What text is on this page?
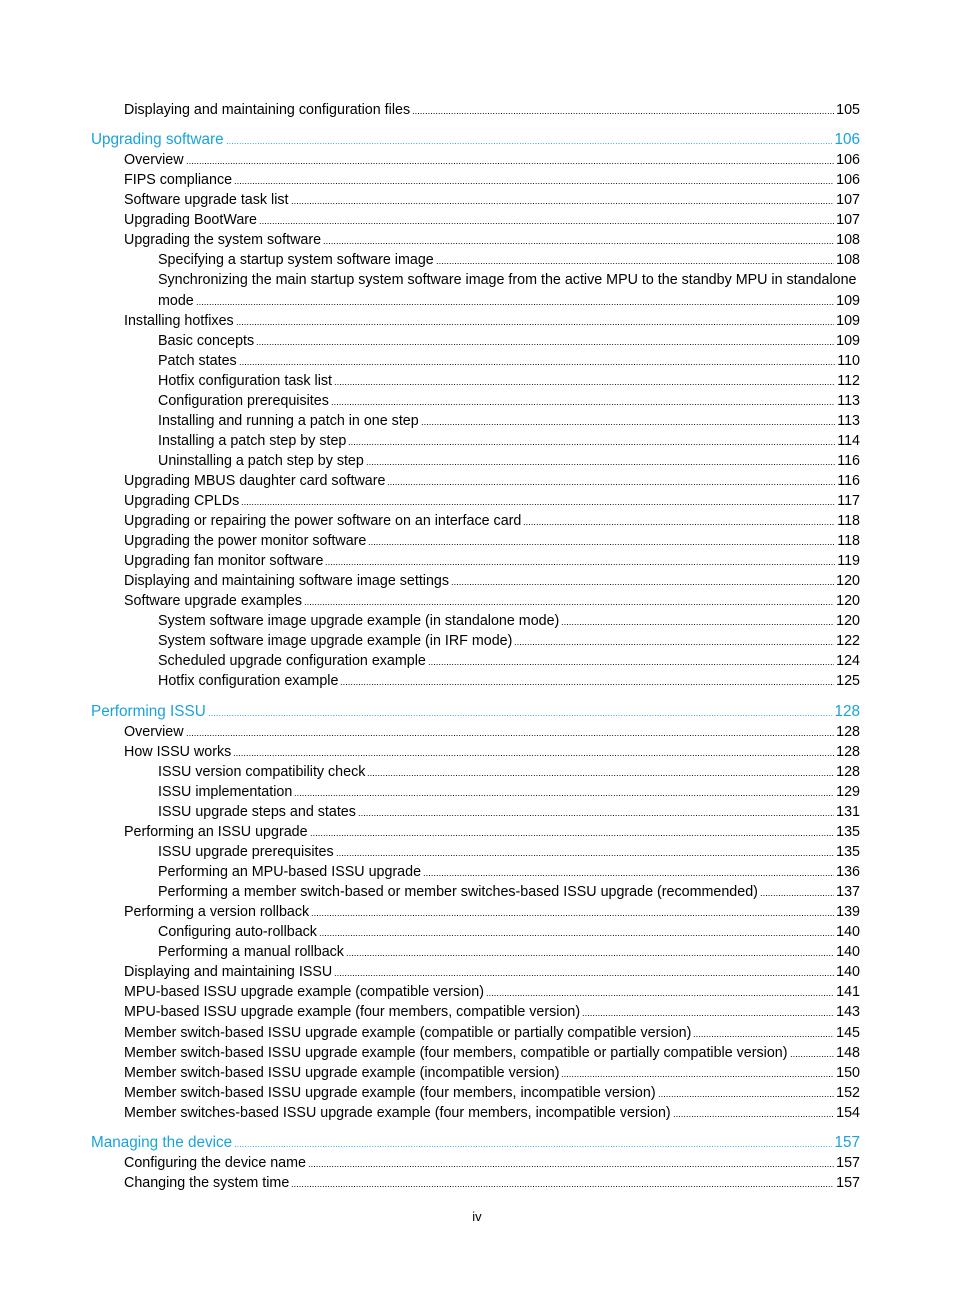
Displaying and maintaining configuration files	105
Upgrading software	106
Overview	106
FIPS compliance	106
Software upgrade task list	107
Upgrading BootWare	107
Upgrading the system software	108
Specifying a startup system software image	108
Synchronizing the main startup system software image from the active MPU to the standby MPU in standalone
mode	109
Installing hotfixes	109
Basic concepts	109
Patch states	110
Hotfix configuration task list	112
Configuration prerequisites	113
Installing and running a patch in one step	113
Installing a patch step by step	114
Uninstalling a patch step by step	116
Upgrading MBUS daughter card software	116
Upgrading CPLDs	117
Upgrading or repairing the power software on an interface card	118
Upgrading the power monitor software	118
Upgrading fan monitor software	119
Displaying and maintaining software image settings	120
Software upgrade examples	120
System software image upgrade example (in standalone mode)	120
System software image upgrade example (in IRF mode)	122
Scheduled upgrade configuration example	124
Hotfix configuration example	125
Performing ISSU	128
Overview	128
How ISSU works	128
ISSU version compatibility check	128
ISSU implementation	129
ISSU upgrade steps and states	131
Performing an ISSU upgrade	135
ISSU upgrade prerequisites	135
Performing an MPU-based ISSU upgrade	136
Performing a member switch-based or member switches-based ISSU upgrade (recommended)	137
Performing a version rollback	139
Configuring auto-rollback	140
Performing a manual rollback	140
Displaying and maintaining ISSU	140
MPU-based ISSU upgrade example (compatible version)	141
MPU-based ISSU upgrade example (four members, compatible version)	143
Member switch-based ISSU upgrade example (compatible or partially compatible version)	145
Member switch-based ISSU upgrade example (four members, compatible or partially compatible version)	148
Member switch-based ISSU upgrade example (incompatible version)	150
Member switch-based ISSU upgrade example (four members, incompatible version)	152
Member switches-based ISSU upgrade example (four members, incompatible version)	154
Managing the device	157
Configuring the device name	157
Changing the system time	157
iv
